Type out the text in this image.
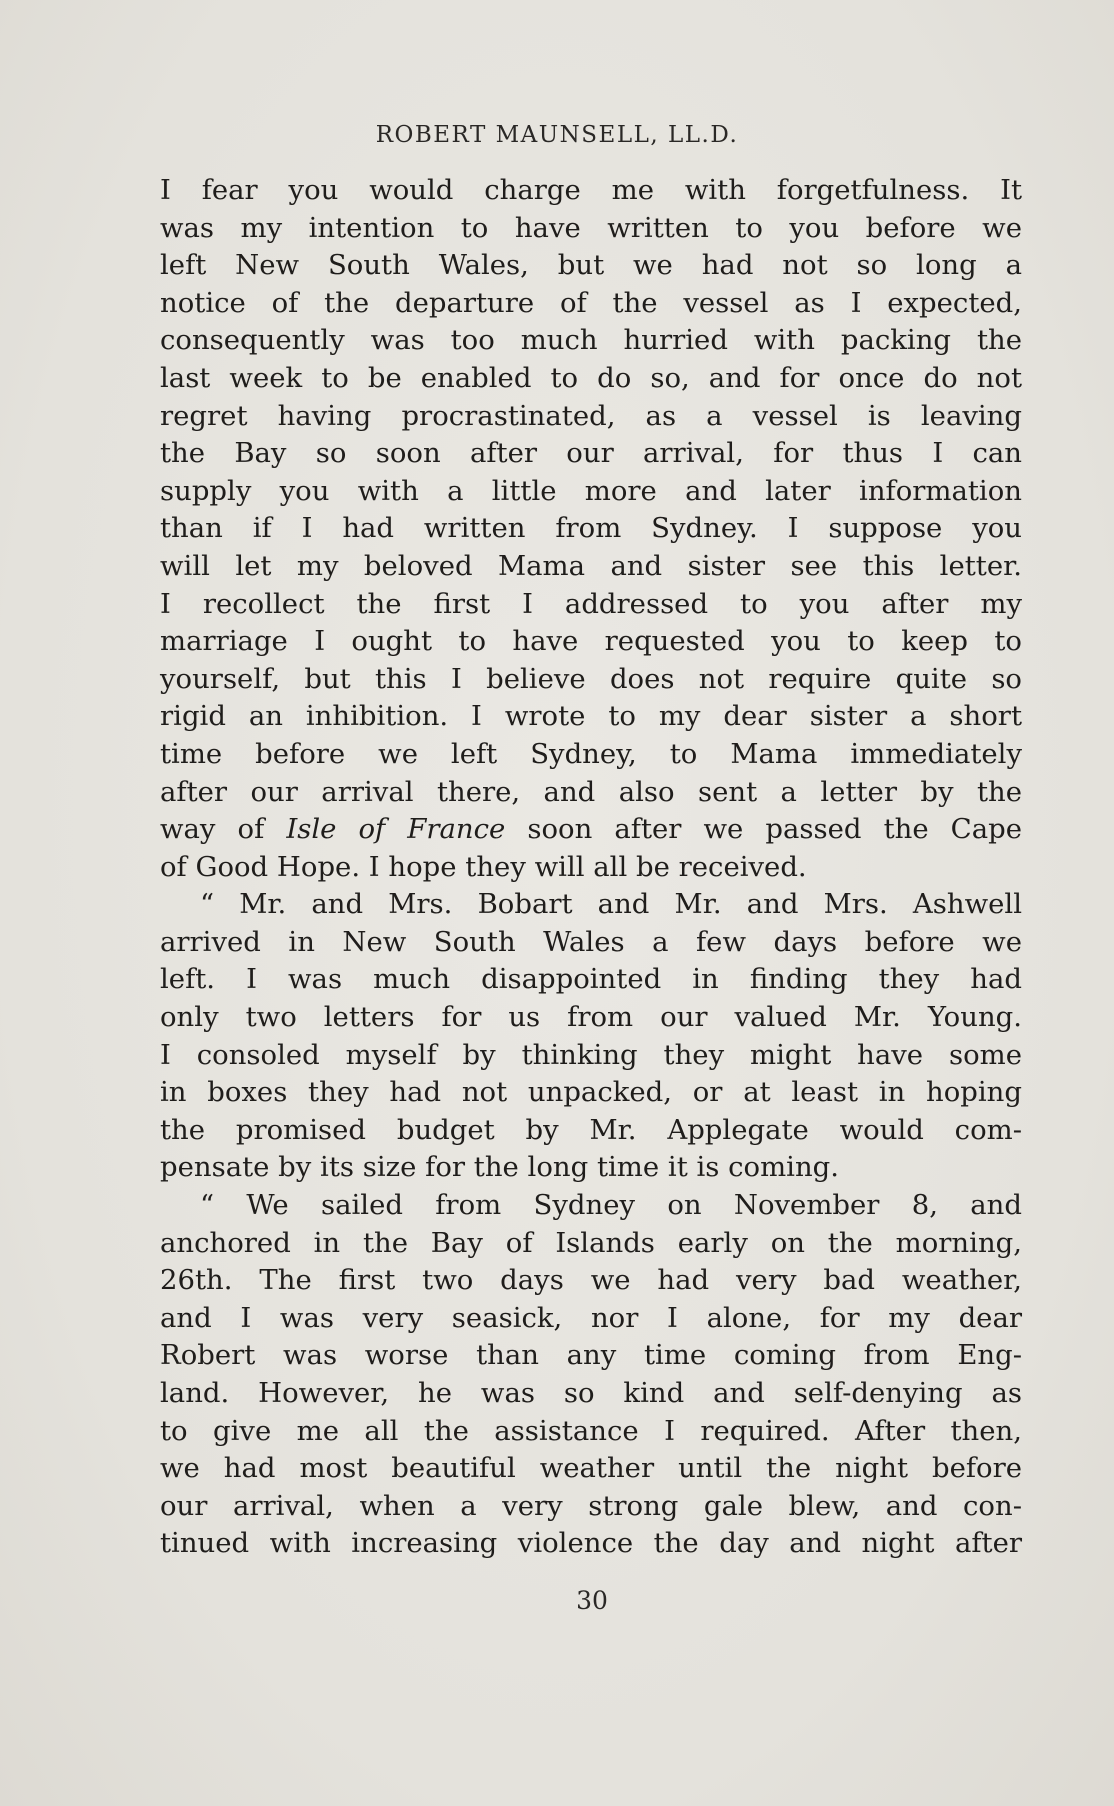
ROBERT MAUNSELL, LL.D.
I fear you would charge me with forgetfulness. It
was my intention to have written to you before we
left New South Wales, but we had not so long a
notice of the departure of the vessel as I expected,
consequently was too much hurried with packing the
last week to be enabled to do so, and for once do not
regret having procrastinated, as a vessel is leaving
the Bay so soon after our arrival, for thus I can
supply you with a little more and later information
than if I had written from Sydney. I suppose you
will let my beloved Mama and sister see this letter.
I recollect the first I addressed to you after my
marriage I ought to have requested you to keep to
yourself, but this I believe does not require quite so
rigid an inhibition. I wrote to my dear sister a short
time before we left Sydney, to Mama immediately
after our arrival there, and also sent a letter by the
way of Isle of France soon after we passed the Cape
of Good Hope. I hope they will all be received.
“ Mr. and Mrs. Bobart and Mr. and Mrs. Ashwell
arrived in New South Wales a few days before we
left. I was much disappointed in finding they had
only two letters for us from our valued Mr. Young.
I consoled myself by thinking they might have some
in boxes they had not unpacked, or at least in hoping
the promised budget by Mr. Applegate would com-
pensate by its size for the long time it is coming.
“ We sailed from Sydney on November 8, and
anchored in the Bay of Islands early on the morning,
26th. The first two days we had very bad weather,
and I was very seasick, nor I alone, for my dear
Robert was worse than any time coming from Eng-
land. However, he was so kind and self-denying as
to give me all the assistance I required. After then,
we had most beautiful weather until the night before
our arrival, when a very strong gale blew, and con-
tinued with increasing violence the day and night after
30
